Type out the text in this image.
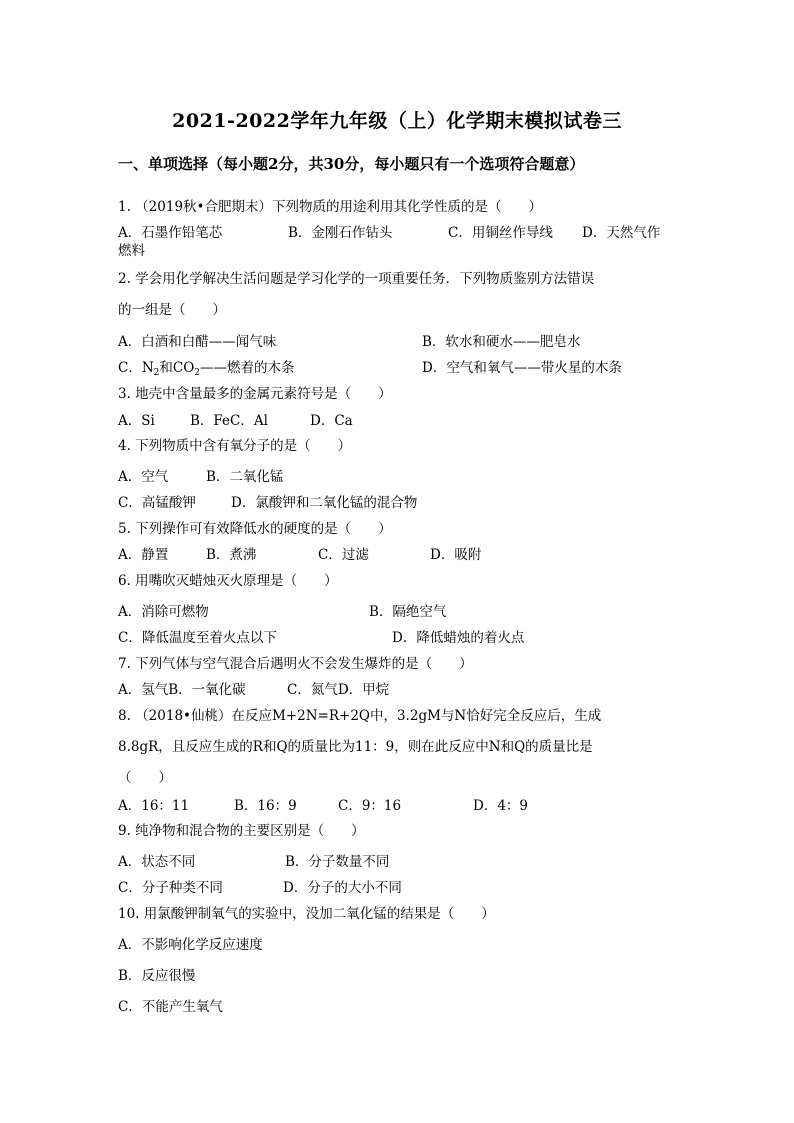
2021-2022学年九年级（上）化学期末模拟试卷三
一、单项选择（每小题2分，共30分，每小题只有一个选项符合题意）
1. （2019秋•合肥期末）下列物质的用途利用其化学性质的是（　　）
A．石墨作铅笔芯	B．金刚石作钻头	C．用铜丝作导线 D．天然气作
燃料
2. 学会用化学解决生活问题是学习化学的一项重要任务．下列物质鉴别方法错误
的一组是（　　）
A．白酒和白醋——闻气味	B．软水和硬水——肥皂水
C．$N_2$和$CO_2——$燃着的木条	D．空气和氧气——带火星的木条
3. 地壳中含量最多的金属元素符号是（　　）
A．Si	B．FeC．Al	D．Ca
4. 下列物质中含有氧分子的是（　　）
A．空气	B．二氧化锰
C．高锰酸钾	D．氯酸钾和二氧化锰的混合物
5. 下列操作可有效降低水的硬度的是（　　）
A．静置	B．煮沸	C．过滤	D．吸附
6. 用嘴吹灭蜡烛灭火原理是（　　）
A．消除可燃物	B．隔绝空气
C．降低温度至着火点以下	D．降低蜡烛的着火点
7. 下列气体与空气混合后遇明火不会发生爆炸的是（　　）
A．氢气B．一氧化碳	C．氮气D．甲烷
8. （2018•仙桃）在反应M+2N=R+2Q中，3.2gM与N恰好完全反应后，生成
8.8gR，且反应生成的R和Q的质量比为11：9，则在此反应中N和Q的质量比是
（　　）
A．16：11	B．16：9	C．9：16	D．4：9
9. 纯净物和混合物的主要区别是（　　）
A．状态不同	B．分子数量不同
C．分子种类不同	D．分子的大小不同
10. 用氯酸钾制氧气的实验中，没加二氧化锰的结果是（　　）
A．不影响化学反应速度
B．反应很慢
C．不能产生氧气
